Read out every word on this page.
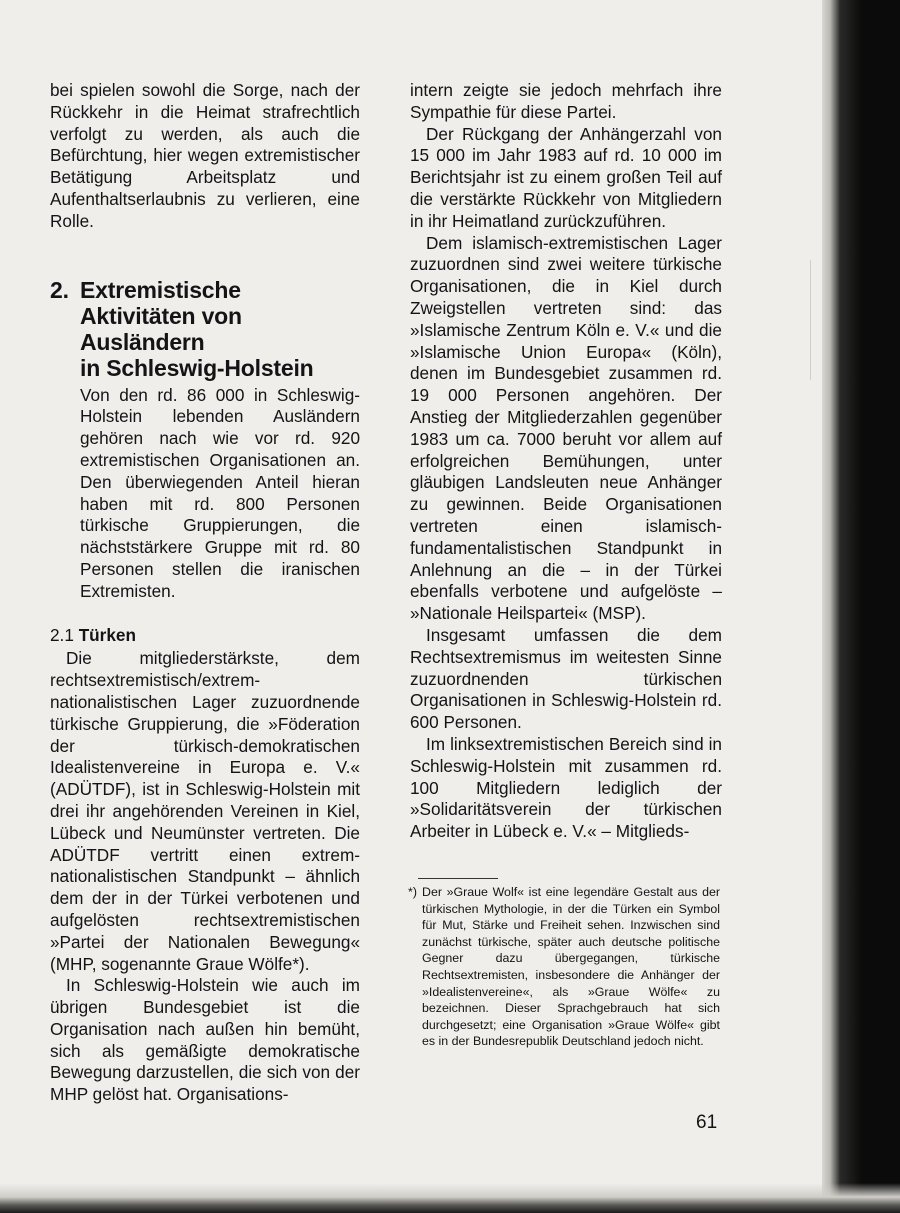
bei spielen sowohl die Sorge, nach der Rückkehr in die Heimat strafrechtlich verfolgt zu werden, als auch die Befürchtung, hier wegen extremistischer Betätigung Arbeitsplatz und Aufenthaltserlaubnis zu verlieren, eine Rolle.

2. Extremistische
Aktivitäten von
Ausländern
in Schleswig-Holstein

Von den rd. 86 000 in Schleswig-Holstein lebenden Ausländern gehören nach wie vor rd. 920 extremistischen Organisationen an. Den überwiegenden Anteil hieran haben mit rd. 800 Personen türkische Gruppierungen, die nächststärkere Gruppe mit rd. 80 Personen stellen die iranischen Extremisten.

2.1 Türken

Die mitgliederstärkste, dem rechtsextremistisch/extrem-nationalistischen Lager zuzuordnende türkische Gruppierung, die »Föderation der türkisch-demokratischen Idealistenvereine in Europa e. V.« (ADÜTDF), ist in Schleswig-Holstein mit drei ihr angehörenden Vereinen in Kiel, Lübeck und Neumünster vertreten. Die ADÜTDF vertritt einen extrem-nationalistischen Standpunkt – ähnlich dem der in der Türkei verbotenen und aufgelösten rechtsextremistischen »Partei der Nationalen Bewegung« (MHP, sogenannte Graue Wölfe*).

In Schleswig-Holstein wie auch im übrigen Bundesgebiet ist die Organisation nach außen hin bemüht, sich als gemäßigte demokratische Bewegung darzustellen, die sich von der MHP gelöst hat. Organisations-

intern zeigte sie jedoch mehrfach ihre Sympathie für diese Partei.

Der Rückgang der Anhängerzahl von 15 000 im Jahr 1983 auf rd. 10 000 im Berichtsjahr ist zu einem großen Teil auf die verstärkte Rückkehr von Mitgliedern in ihr Heimatland zurückzuführen.

Dem islamisch-extremistischen Lager zuzuordnen sind zwei weitere türkische Organisationen, die in Kiel durch Zweigstellen vertreten sind: das »Islamische Zentrum Köln e. V.« und die »Islamische Union Europa« (Köln), denen im Bundesgebiet zusammen rd. 19 000 Personen angehören. Der Anstieg der Mitgliederzahlen gegenüber 1983 um ca. 7000 beruht vor allem auf erfolgreichen Bemühungen, unter gläubigen Landsleuten neue Anhänger zu gewinnen. Beide Organisationen vertreten einen islamisch-fundamentalistischen Standpunkt in Anlehnung an die – in der Türkei ebenfalls verbotene und aufgelöste – »Nationale Heilspartei« (MSP).

Insgesamt umfassen die dem Rechtsextremismus im weitesten Sinne zuzuordnenden türkischen Organisationen in Schleswig-Holstein rd. 600 Personen.

Im linksextremistischen Bereich sind in Schleswig-Holstein mit zusammen rd. 100 Mitgliedern lediglich der »Solidaritätsverein der türkischen Arbeiter in Lübeck e. V.« – Mitglieds-

*) Der »Graue Wolf« ist eine legendäre Gestalt aus der türkischen Mythologie, in der die Türken ein Symbol für Mut, Stärke und Freiheit sehen. Inzwischen sind zunächst türkische, später auch deutsche politische Gegner dazu übergegangen, türkische Rechtsextremisten, insbesondere die Anhänger der »Idealistenvereine«, als »Graue Wölfe« zu bezeichnen. Dieser Sprachgebrauch hat sich durchgesetzt; eine Organisation »Graue Wölfe« gibt es in der Bundesrepublik Deutschland jedoch nicht.
61
